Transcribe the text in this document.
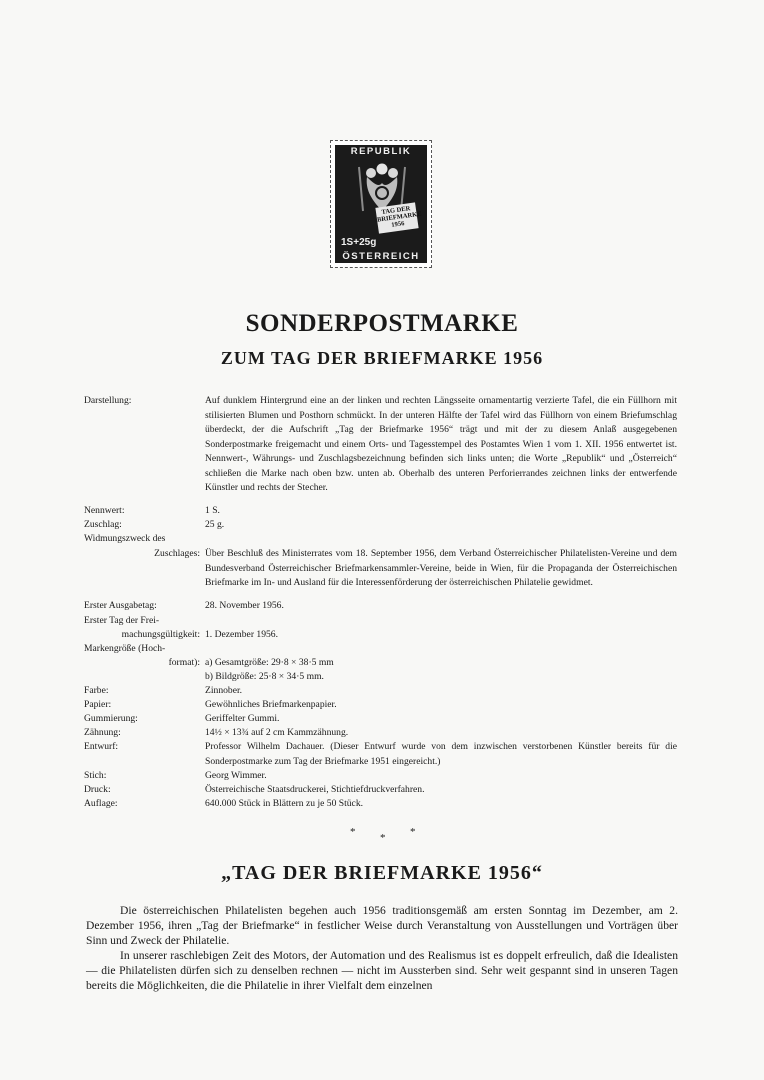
REPUBLIK
TAG DER BRIEFMARKE 1956
1S+25g
ÖSTERREICH
SONDERPOSTMARKE
ZUM TAG DER BRIEFMARKE 1956
Darstellung:	Auf dunklem Hintergrund eine an der linken und rechten Längsseite ornamentartig verzierte Tafel, die ein Füllhorn mit stilisierten Blumen und Posthorn schmückt. In der unteren Hälfte der Tafel wird das Füllhorn von einem Briefumschlag überdeckt, der die Aufschrift „Tag der Briefmarke 1956“ trägt und mit der zu diesem Anlaß ausgegebenen Sonderpostmarke freigemacht und einem Orts- und Tagesstempel des Postamtes Wien 1 vom 1. XII. 1956 entwertet ist. Nennwert-, Währungs- und Zuschlagsbezeichnung befinden sich links unten; die Worte „Republik“ und „Österreich“ schließen die Marke nach oben bzw. unten ab. Oberhalb des unteren Perforierrandes zeichnen links der entwerfende Künstler und rechts der Stecher.
Nennwert:	1 S.
Zuschlag:	25 g.
Widmungszweck des
Zuschlages: Über Beschluß des Ministerrates vom 18. September 1956, dem Verband Österreichischer Philatelisten-Vereine und dem Bundesverband Österreichischer Briefmarkensammler-Vereine, beide in Wien, für die Propaganda der Österreichischen Briefmarke im In- und Ausland für die Interessenförderung der österreichischen Philatelie gewidmet.
Erster Ausgabetag:	28. November 1956.
Erster Tag der Frei-
machungsgültigkeit: 1. Dezember 1956.
Markengröße (Hoch-
format): a) Gesamtgröße: 29·8 × 38·5 mm
b) Bildgröße: 25·8 × 34·5 mm.
Farbe:	Zinnober.
Papier:	Gewöhnliches Briefmarkenpapier.
Gummierung:	Geriffelter Gummi.
Zähnung:	14½ × 13¾ auf 2 cm Kammzähnung.
Entwurf:	Professor Wilhelm Dachauer. (Dieser Entwurf wurde von dem inzwischen verstorbenen Künstler bereits für die Sonderpostmarke zum Tag der Briefmarke 1951 eingereicht.)
Stich:	Georg Wimmer.
Druck:	Österreichische Staatsdruckerei, Stichtiefdruckverfahren.
Auflage:	640.000 Stück in Blättern zu je 50 Stück.
* * *
„TAG DER BRIEFMARKE 1956“
Die österreichischen Philatelisten begehen auch 1956 traditionsgemäß am ersten Sonntag im Dezember, am 2. Dezember 1956, ihren „Tag der Briefmarke“ in festlicher Weise durch Veranstaltung von Ausstellungen und Vorträgen über Sinn und Zweck der Philatelie.
In unserer raschlebigen Zeit des Motors, der Automation und des Realismus ist es doppelt erfreulich, daß die Idealisten — die Philatelisten dürfen sich zu denselben rechnen — nicht im Aussterben sind. Sehr weit gespannt sind in unseren Tagen bereits die Möglichkeiten, die die Philatelie in ihrer Vielfalt dem einzelnen
